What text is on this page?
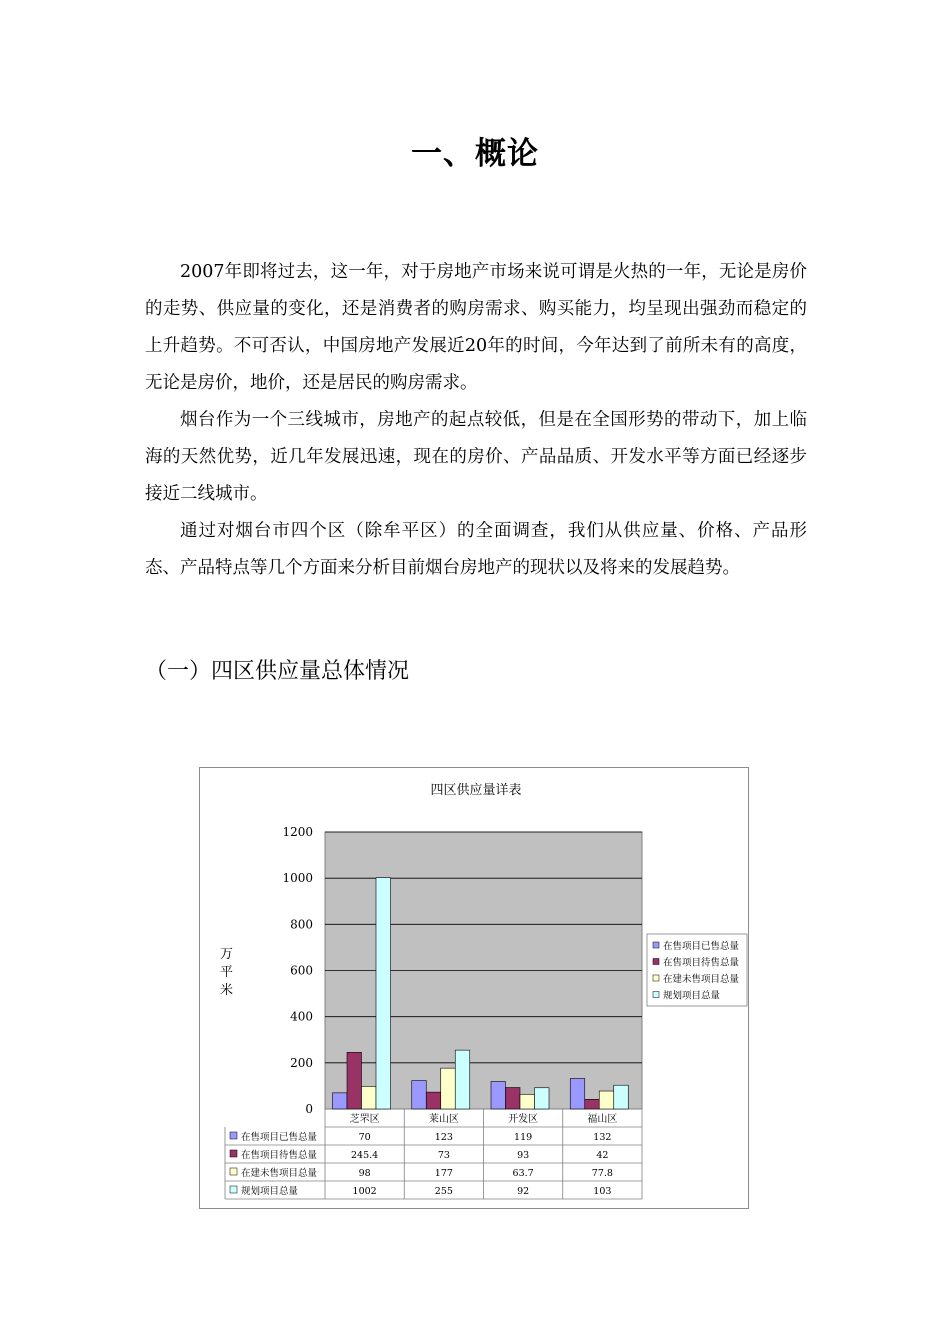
一、概论

2007年即将过去，这一年，对于房地产市场来说可谓是火热的一年，无论是房价的走势、供应量的变化，还是消费者的购房需求、购买能力，均呈现出强劲而稳定的上升趋势。不可否认，中国房地产发展近20年的时间，今年达到了前所未有的高度，无论是房价，地价，还是居民的购房需求。

烟台作为一个三线城市，房地产的起点较低，但是在全国形势的带动下，加上临海的天然优势，近几年发展迅速，现在的房价、产品品质、开发水平等方面已经逐步接近二线城市。

通过对烟台市四个区（除牟平区）的全面调查，我们从供应量、价格、产品形态、产品特点等几个方面来分析目前烟台房地产的现状以及将来的发展趋势。

（一）四区供应量总体情况
四区供应量详表
0
200
400
600
800
1000
1200
万平米
芝罘区	莱山区	开发区	福山区
在售项目已售总量	70	123	119	132
在售项目待售总量	245.4	73	93	42
在建未售项目总量	98	177	63.7	77.8
规划项目总量	1002	255	92	103
在售项目已售总量
在售项目待售总量
在建未售项目总量
规划项目总量
